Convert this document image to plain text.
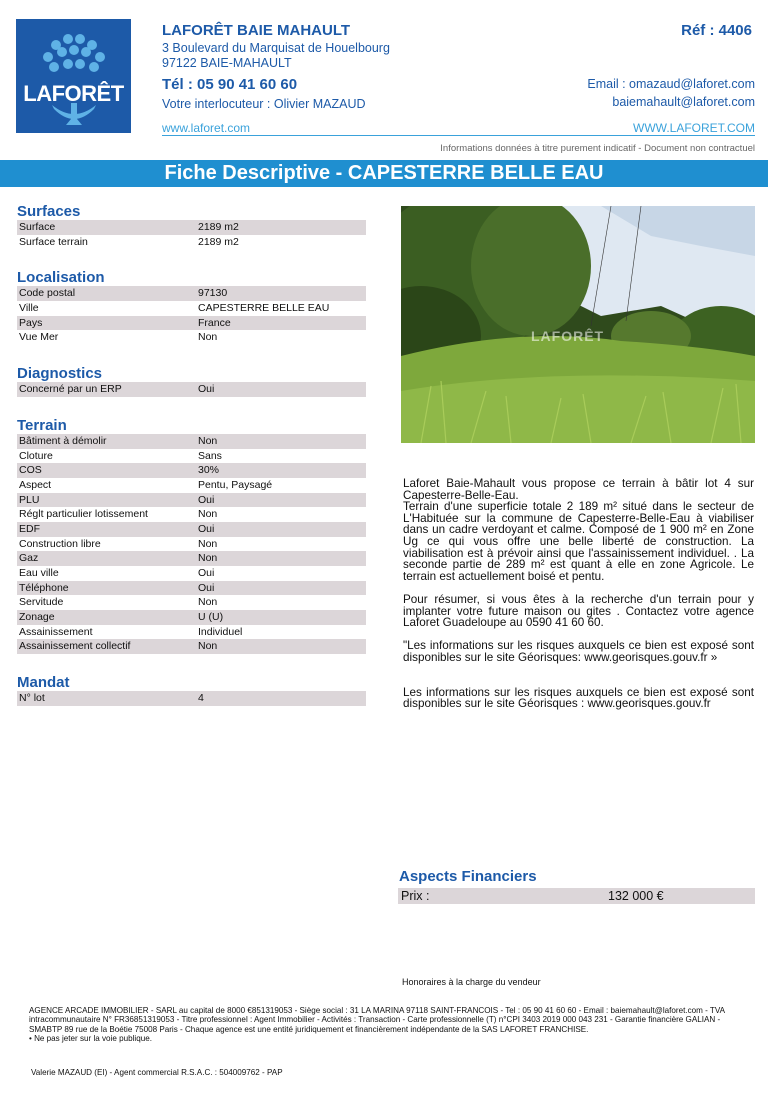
LAFORÊT
LAFORÊT BAIE MAHAULT
3 Boulevard du Marquisat de Houelbourg
97122 BAIE-MAHAULT
Tél : 05 90 41 60 60
Votre interlocuteur : Olivier MAZAUD
Réf : 4406
Email : omazaud@laforet.com
baiemahault@laforet.com
www.laforet.com	WWW.LAFORET.COM
Informations données à titre purement indicatif - Document non contractuel
Fiche Descriptive - CAPESTERRE BELLE EAU
Surfaces
Surface	2189 m2
Surface terrain	2189 m2
Localisation
Code postal	97130
Ville	CAPESTERRE BELLE EAU
Pays	France
Vue Mer	Non
Diagnostics
Concerné par un ERP	Oui
Terrain
Bâtiment à démolir	Non
Cloture	Sans
COS	30%
Aspect	Pentu, Paysagé
PLU	Oui
Réglt particulier lotissement	Non
EDF	Oui
Construction libre	Non
Gaz	Non
Eau ville	Oui
Téléphone	Oui
Servitude	Non
Zonage	U (U)
Assainissement	Individuel
Assainissement collectif	Non
Mandat
N° lot	4
LAFORÊT

Laforet Baie-Mahault vous propose ce terrain à bâtir lot 4 sur Capesterre-Belle-Eau.

Terrain d'une superficie totale 2 189 m² situé dans le secteur de L'Habituée sur la commune de Capesterre-Belle-Eau à viabiliser dans un cadre verdoyant et calme. Composé de 1 900 m² en Zone Ug ce qui vous offre une belle liberté de construction. La viabilisation est à prévoir ainsi que l'assainissement individuel. . La seconde partie de 289 m² est quant à elle en zone Agricole. Le terrain est actuellement boisé et pentu.

Pour résumer, si vous êtes à la recherche d'un terrain pour y implanter votre future maison ou gites . Contactez votre agence Laforet Guadeloupe au 0590 41 60 60.

"Les informations sur les risques auxquels ce bien est exposé sont disponibles sur le site Géorisques: www.georisques.gouv.fr »

Les informations sur les risques auxquels ce bien est exposé sont disponibles sur le site Géorisques : www.georisques.gouv.fr

Aspects Financiers
Prix :	132 000 €
Honoraires à la charge du vendeur
AGENCE ARCADE IMMOBILIER - SARL au capital de 8000 €851319053 - Siège social : 31 LA MARINA 97118 SAINT-FRANCOIS - Tel : 05 90 41 60 60 - Email : baiemahault@laforet.com - TVA intracommunautaire N° FR36851319053 - Titre professionnel : Agent Immobilier - Activités : Transaction - Carte professionnelle (T) n°CPI 3403 2019 000 043 231 - Garantie financière GALIAN - SMABTP 89 rue de la Boétie 75008 Paris - Chaque agence est une entité juridiquement et financièrement indépendante de la SAS LAFORET FRANCHISE.
• Ne pas jeter sur la voie publique.
Valerie MAZAUD (EI) - Agent commercial R.S.A.C. : 504009762 - PAP
